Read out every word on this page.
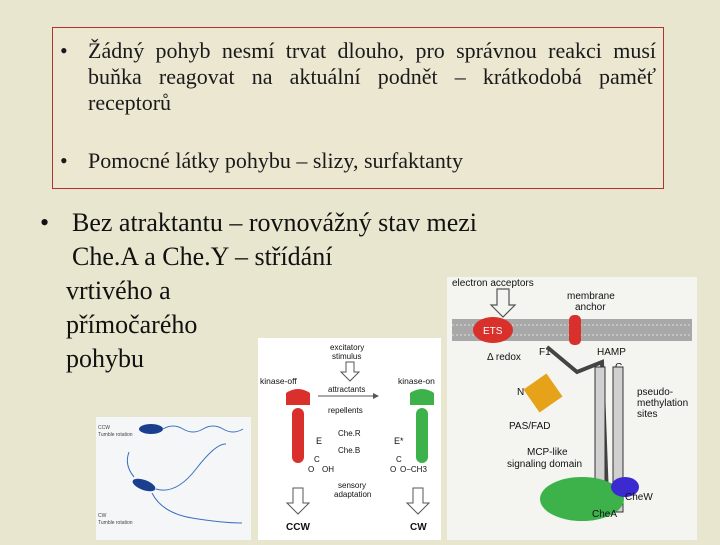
• Žádný pohyb nesmí trvat dlouho, pro správnou reakci musí buňka reagovat na aktuální podnět – krátkodobá paměť receptorů
• Pomocné látky pohybu – slizy, surfaktanty
• Bez atraktantu – rovnovážný stav mezi
Che.A a Che.Y – střídání
vrtivého a
přímočarého
pohybu
electron acceptors
membrane
anchor
ETS
Δ redox F1	HAMP
N
PAS/FAD
pseudo-
methylation
sites
MCP-like
signaling domain
CheW
CheA
excitatory
stimulus
kinase-off	kinase-on
attractants
repellents
Che.R
Che.B
E	E*
C	C
O OH	O O−CH3
sensory
adaptation
CCW	CW
CCW
Tumble rotation
CW
Tumble rotation
